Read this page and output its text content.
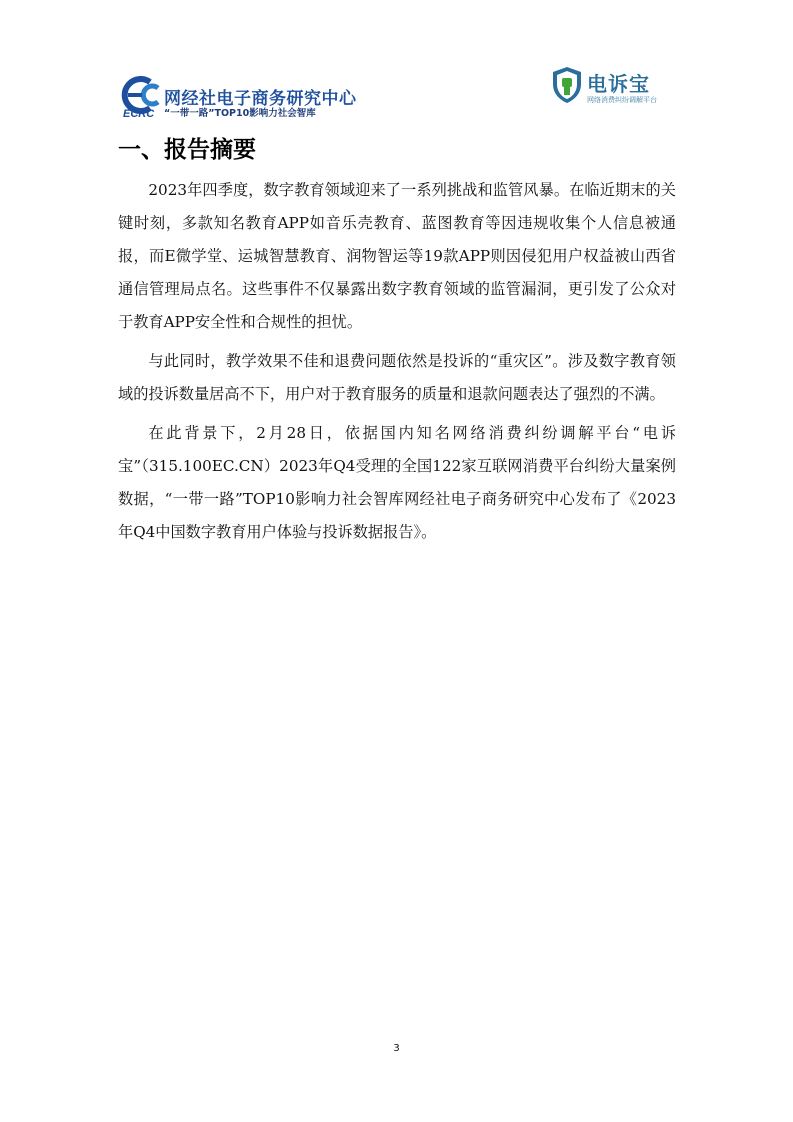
网经社电子商务研究中心
“一带一路”TOP10影响力社会智库
ECRC
电诉宝
网络消费纠纷调解平台
一、报告摘要

2023年四季度，数字教育领域迎来了一系列挑战和监管风暴。在临近期末的关键时刻，多款知名教育APP如音乐壳教育、蓝图教育等因违规收集个人信息被通报，而E微学堂、运城智慧教育、润物智运等19款APP则因侵犯用户权益被山西省通信管理局点名。这些事件不仅暴露出数字教育领域的监管漏洞，更引发了公众对于教育APP安全性和合规性的担忧。

与此同时，教学效果不佳和退费问题依然是投诉的“重灾区”。涉及数字教育领域的投诉数量居高不下，用户对于教育服务的质量和退款问题表达了强烈的不满。

在此背景下，2月28日，依据国内知名网络消费纠纷调解平台“电诉宝”（315.100EC.CN）2023年Q4受理的全国122家互联网消费平台纠纷大量案例数据，“一带一路”TOP10影响力社会智库网经社电子商务研究中心发布了《2023年Q4中国数字教育用户体验与投诉数据报告》。

3
